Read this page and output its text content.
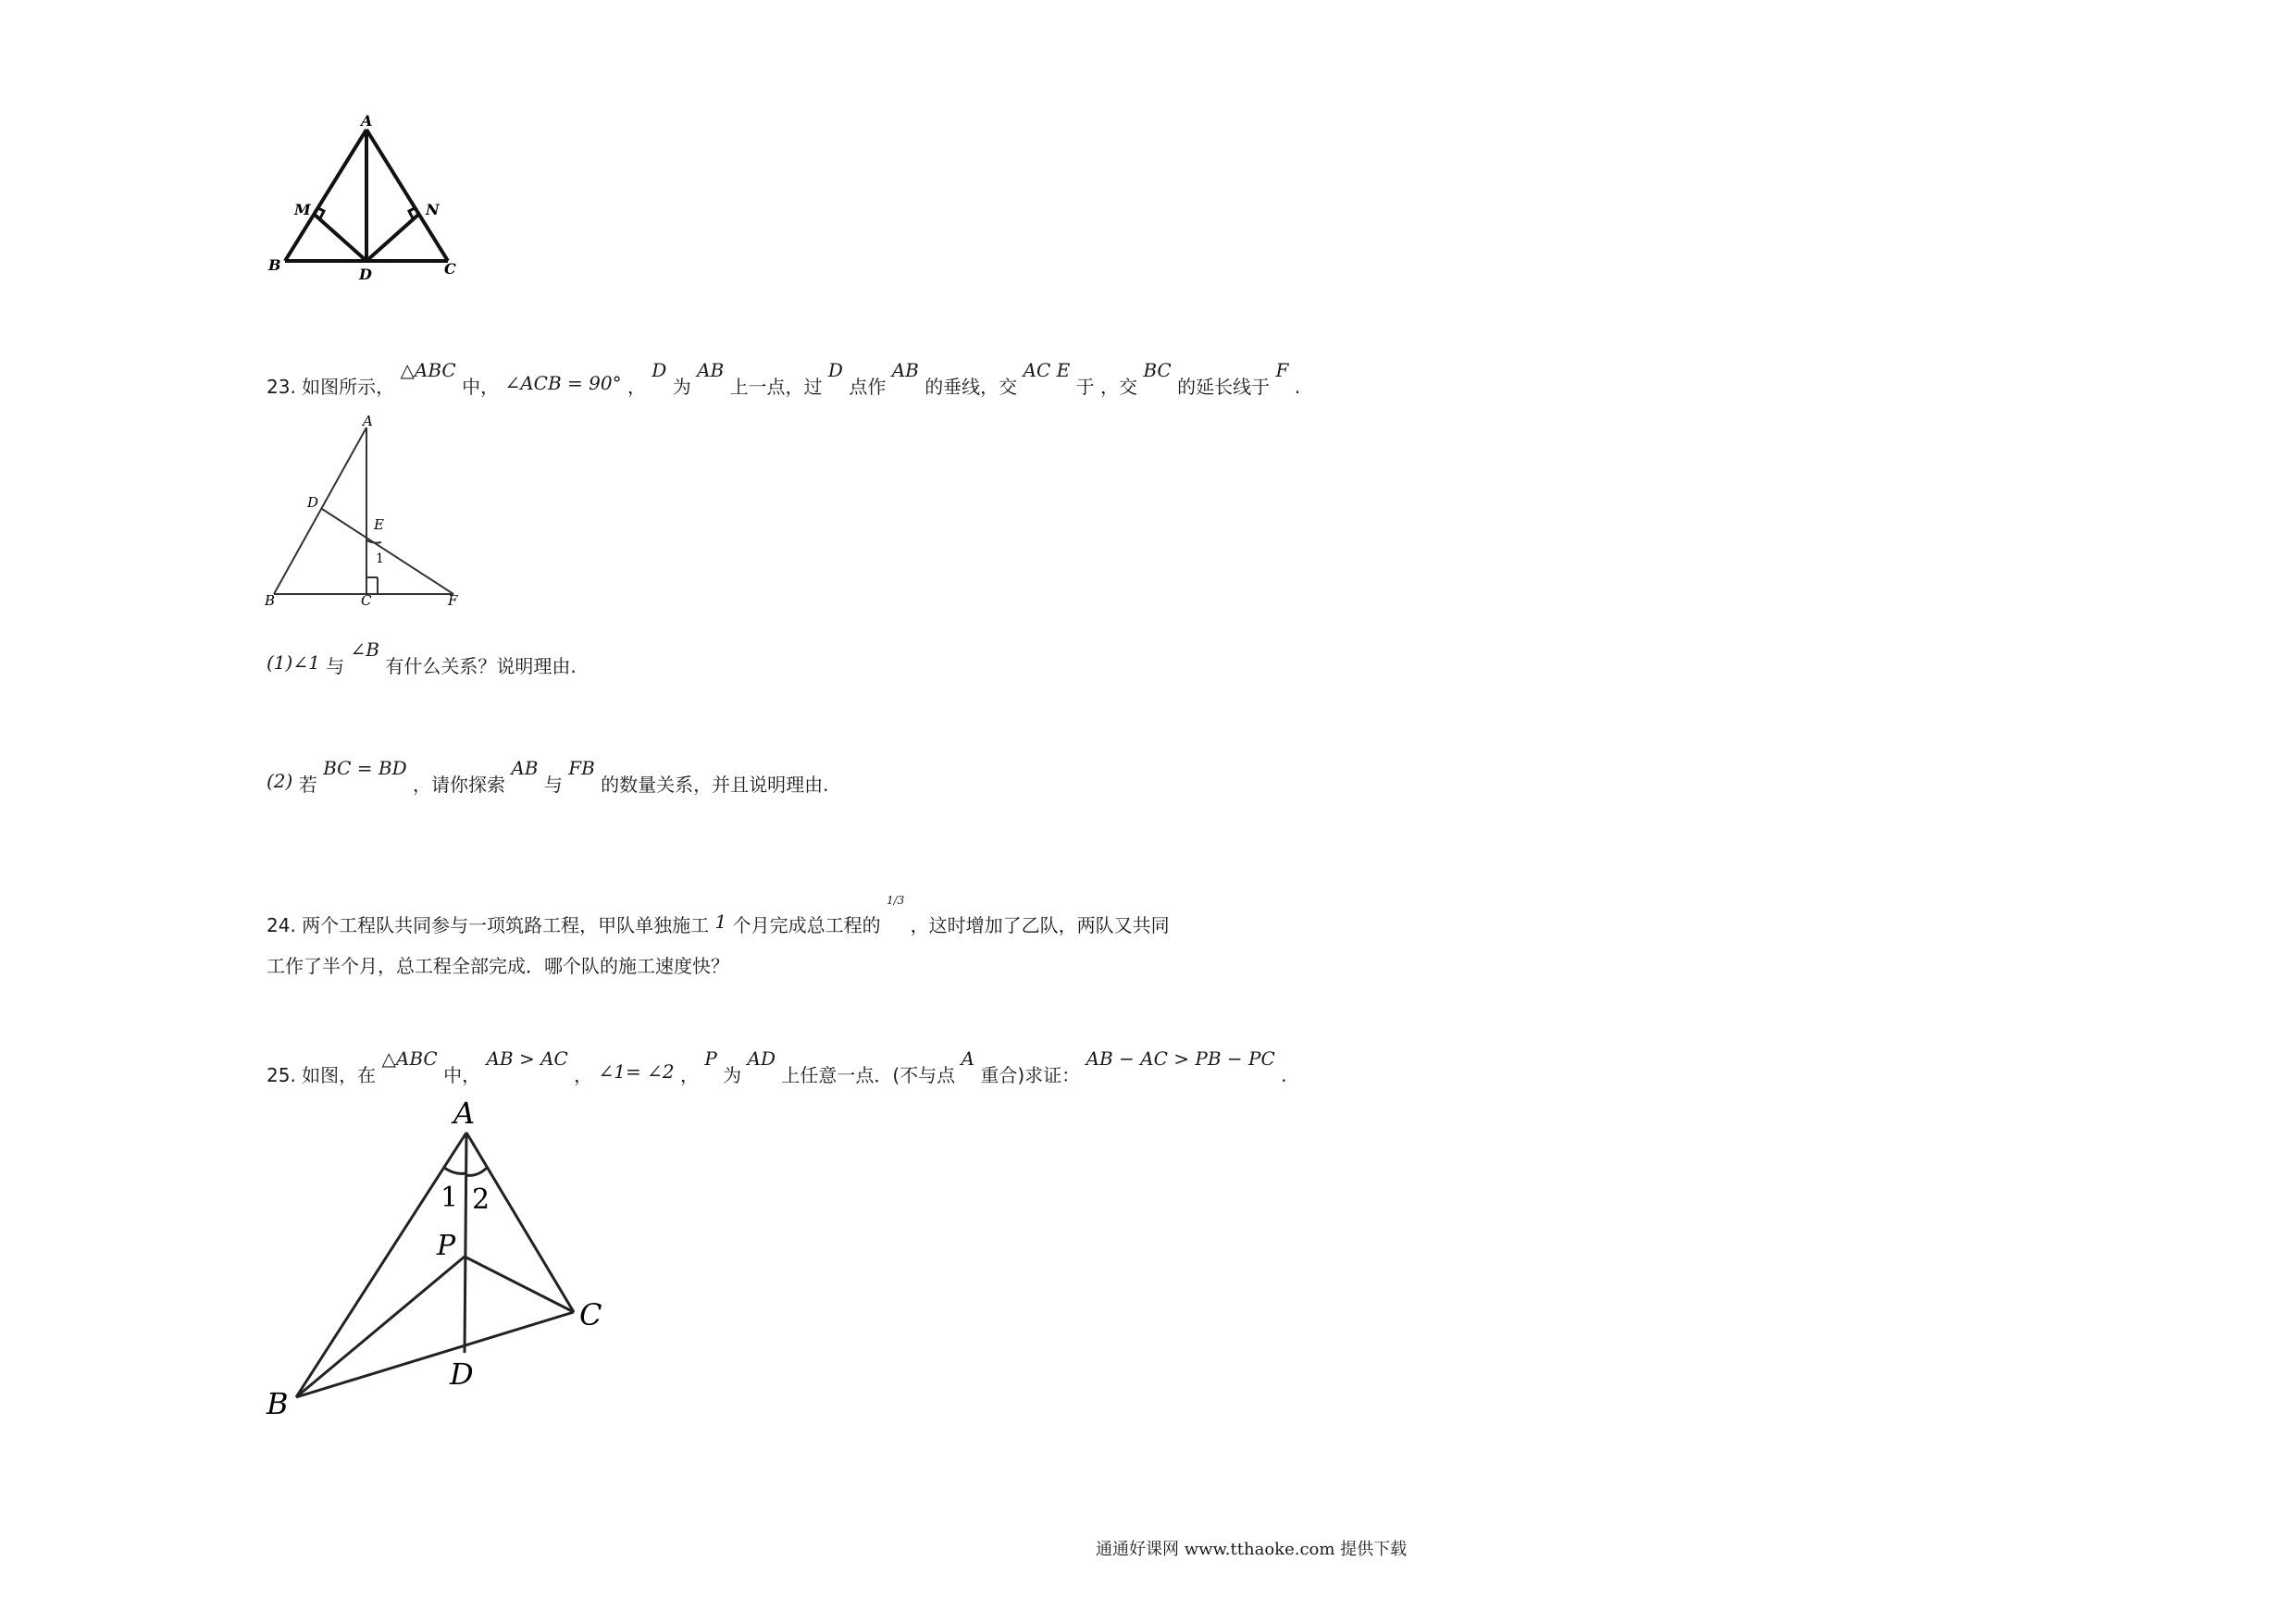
A
M	N
B
D	C
23. 如图所示， △ABC 中， ∠ACB = 90° ， D 为 AB 上一点，过 D 点作 AB 的垂线，交 AC E 于 ，交 BC 的延长线于 F .
A
D
E
1
B	C	F
(1)∠1 与 ∠B 有什么关系？说明理由.
(2) 若 BC = BD ，请你探索 AB 与 FB 的数量关系，并且说明理由.
24. 两个工程队共同参与一项筑路工程，甲队单独施工 1 个月完成总工程的 1/3 ，这时增加了乙队，两队又共同
工作了半个月，总工程全部完成．哪个队的施工速度快？
25. 如图，在 △ABC 中， AB > AC ， ∠1= ∠2 ， P 为 AD 上任意一点．(不与点 A 重合)求证： AB − AC > PB − PC .
A
1 2
P
C
D
B
通通好课网 www.tthaoke.com 提供下载
